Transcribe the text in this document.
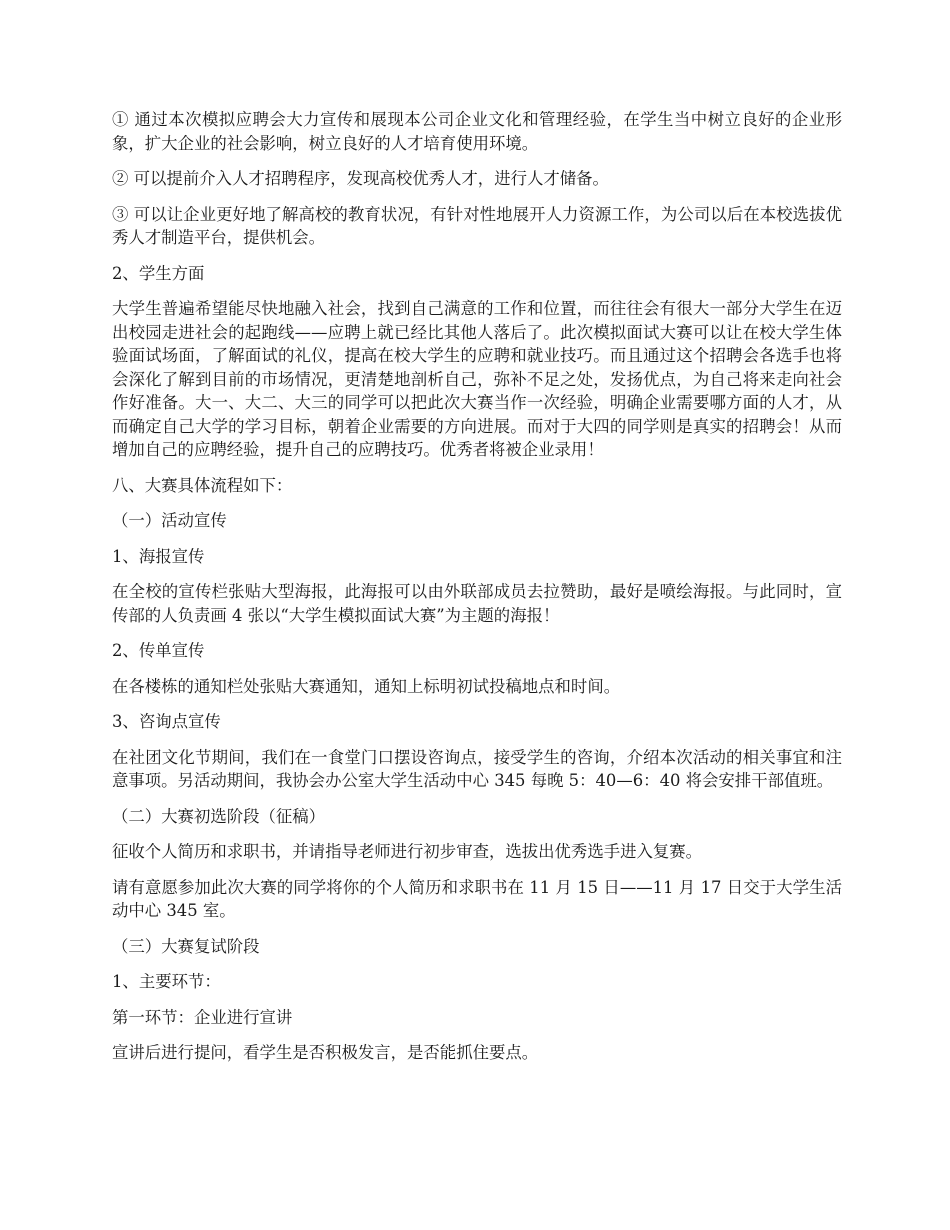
① 通过本次模拟应聘会大力宣传和展现本公司企业文化和管理经验，在学生当中树立良好的企业形象，扩大企业的社会影响，树立良好的人才培育使用环境。

② 可以提前介入人才招聘程序，发现高校优秀人才，进行人才储备。

③ 可以让企业更好地了解高校的教育状况，有针对性地展开人力资源工作，为公司以后在本校选拔优秀人才制造平台，提供机会。

2、学生方面

大学生普遍希望能尽快地融入社会，找到自己满意的工作和位置，而往往会有很大一部分大学生在迈出校园走进社会的起跑线——应聘上就已经比其他人落后了。此次模拟面试大赛可以让在校大学生体验面试场面，了解面试的礼仪，提高在校大学生的应聘和就业技巧。而且通过这个招聘会各选手也将会深化了解到目前的市场情况，更清楚地剖析自己，弥补不足之处，发扬优点，为自己将来走向社会作好准备。大一、大二、大三的同学可以把此次大赛当作一次经验，明确企业需要哪方面的人才，从而确定自己大学的学习目标，朝着企业需要的方向进展。而对于大四的同学则是真实的招聘会！从而增加自己的应聘经验，提升自己的应聘技巧。优秀者将被企业录用！

八、大赛具体流程如下：

（一）活动宣传

1、海报宣传

在全校的宣传栏张贴大型海报，此海报可以由外联部成员去拉赞助，最好是喷绘海报。与此同时，宣传部的人负责画 4 张以“大学生模拟面试大赛”为主题的海报！

2、传单宣传

在各楼栋的通知栏处张贴大赛通知，通知上标明初试投稿地点和时间。

3、咨询点宣传

在社团文化节期间，我们在一食堂门口摆设咨询点，接受学生的咨询，介绍本次活动的相关事宜和注意事项。另活动期间，我协会办公室大学生活动中心 345 每晚 5：40—6：40 将会安排干部值班。

（二）大赛初选阶段（征稿）

征收个人简历和求职书，并请指导老师进行初步审查，选拔出优秀选手进入复赛。

请有意愿参加此次大赛的同学将你的个人简历和求职书在 11 月 15 日——11 月 17 日交于大学生活动中心 345 室。

（三）大赛复试阶段

1、主要环节：

第一环节：企业进行宣讲

宣讲后进行提问，看学生是否积极发言，是否能抓住要点。
